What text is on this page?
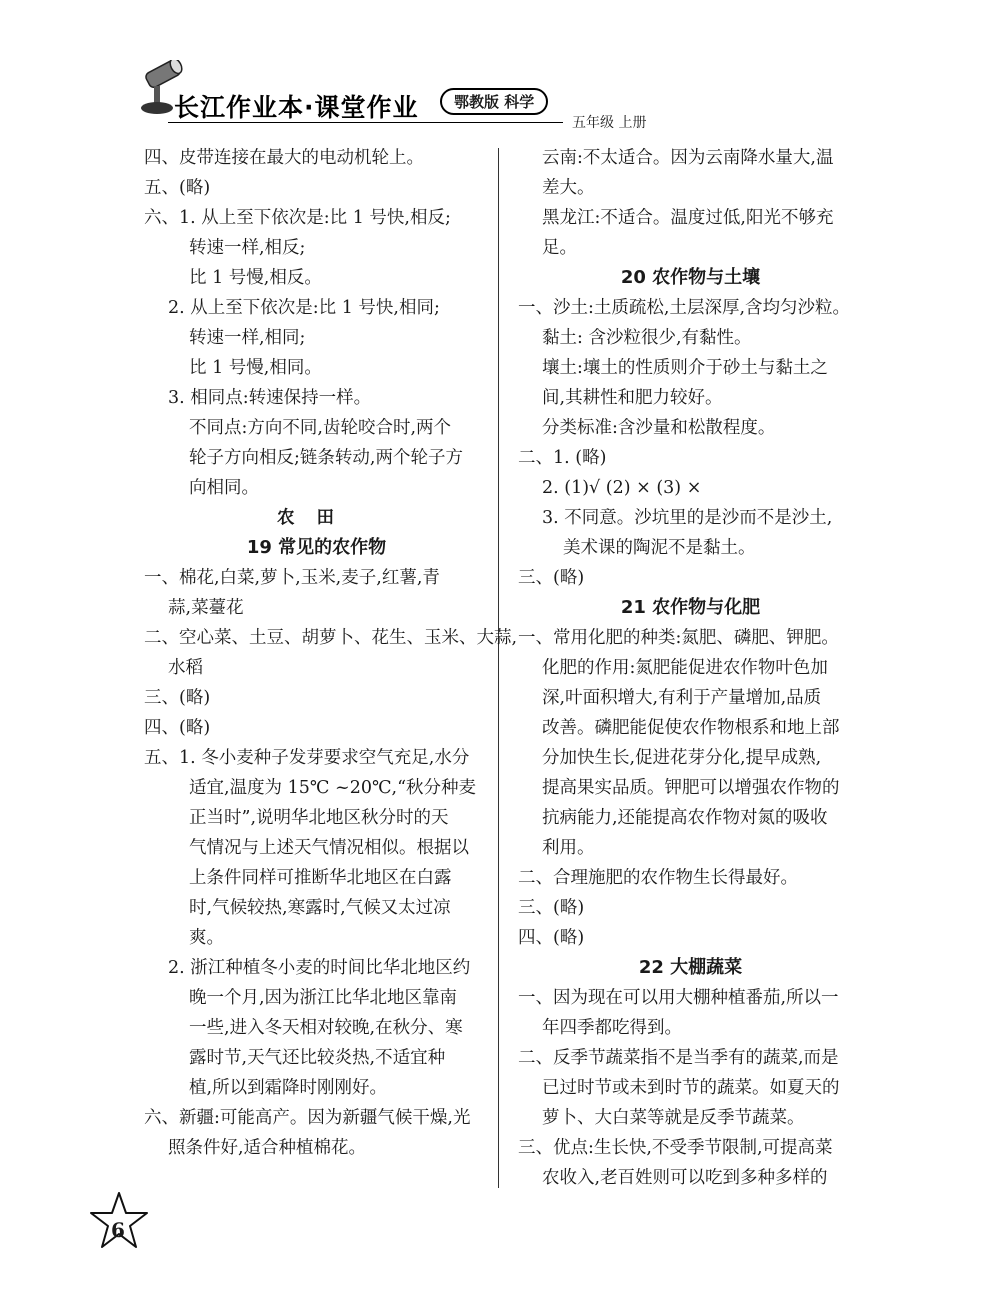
长江作业本·课堂作业	鄂教版 科学
五年级 上册

四、皮带连接在最大的电动机轮上。

五、(略)

六、1. 从上至下依次是:比 1 号快,相反;

转速一样,相反;

比 1 号慢,相反。

2. 从上至下依次是:比 1 号快,相同;

转速一样,相同;

比 1 号慢,相同。

3. 相同点:转速保持一样。

不同点:方向不同,齿轮咬合时,两个

轮子方向相反;链条转动,两个轮子方

向相同。

农田

19 常见的农作物

一、棉花,白菜,萝卜,玉米,麦子,红薯,青

蒜,菜薹花

二、空心菜、土豆、胡萝卜、花生、玉米、大蒜,

水稻

三、(略)

四、(略)

五、1. 冬小麦种子发芽要求空气充足,水分

适宜,温度为 15℃ ~20℃,“秋分种麦

正当时”,说明华北地区秋分时的天

气情况与上述天气情况相似。根据以

上条件同样可推断华北地区在白露

时,气候较热,寒露时,气候又太过凉

爽。

2. 浙江种植冬小麦的时间比华北地区约

晚一个月,因为浙江比华北地区靠南

一些,进入冬天相对较晚,在秋分、寒

露时节,天气还比较炎热,不适宜种

植,所以到霜降时刚刚好。

六、新疆:可能高产。因为新疆气候干燥,光

照条件好,适合种植棉花。

云南:不太适合。因为云南降水量大,温

差大。

黑龙江:不适合。温度过低,阳光不够充

足。

20 农作物与土壤

一、沙土:土质疏松,土层深厚,含均匀沙粒。

黏土: 含沙粒很少,有黏性。

壤土:壤土的性质则介于砂土与黏土之

间,其耕性和肥力较好。

分类标准:含沙量和松散程度。

二、1. (略)

2. (1)√ (2) × (3) ×

3. 不同意。沙坑里的是沙而不是沙土,

美术课的陶泥不是黏土。

三、(略)

21 农作物与化肥

一、常用化肥的种类:氮肥、磷肥、钾肥。

化肥的作用:氮肥能促进农作物叶色加

深,叶面积增大,有利于产量增加,品质

改善。磷肥能促使农作物根系和地上部

分加快生长,促进花芽分化,提早成熟,

提高果实品质。钾肥可以增强农作物的

抗病能力,还能提高农作物对氮的吸收

利用。

二、合理施肥的农作物生长得最好。

三、(略)

四、(略)

22 大棚蔬菜

一、因为现在可以用大棚种植番茄,所以一

年四季都吃得到。

二、反季节蔬菜指不是当季有的蔬菜,而是

已过时节或未到时节的蔬菜。如夏天的

萝卜、大白菜等就是反季节蔬菜。

三、优点:生长快,不受季节限制,可提高菜

农收入,老百姓则可以吃到多种多样的

6
